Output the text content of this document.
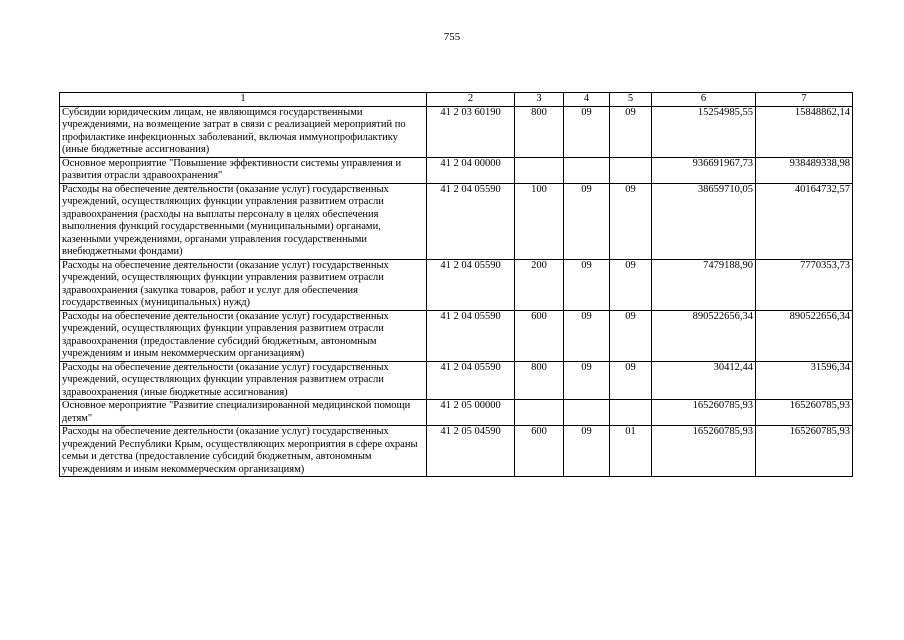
755
1	2	3	4	5	6	7
Субсидии юридическим лицам, не являющимся государственными учреждениями, на возмещение затрат в связи с реализацией мероприятий по профилактике инфекционных заболеваний, включая иммунопрофилактику (иные бюджетные ассигнования)	41 2 03 60190	800	09	09	15254985,55	15848862,14
Основное мероприятие "Повышение эффективности системы управления и развития отрасли здравоохранения"	41 2 04 00000				936691967,73	938489338,98
Расходы на обеспечение деятельности (оказание услуг) государственных учреждений, осуществляющих функции управления развитием отрасли здравоохранения (расходы на выплаты персоналу в целях обеспечения выполнения функций государственными (муниципальными) органами, казенными учреждениями, органами управления государственными внебюджетными фондами)	41 2 04 05590	100	09	09	38659710,05	40164732,57
Расходы на обеспечение деятельности (оказание услуг) государственных учреждений, осуществляющих функции управления развитием отрасли здравоохранения (закупка товаров, работ и услуг для обеспечения государственных (муниципальных) нужд)	41 2 04 05590	200	09	09	7479188,90	7770353,73
Расходы на обеспечение деятельности (оказание услуг) государственных учреждений, осуществляющих функции управления развитием отрасли здравоохранения (предоставление субсидий бюджетным, автономным учреждениям и иным некоммерческим организациям)	41 2 04 05590	600	09	09	890522656,34	890522656,34
Расходы на обеспечение деятельности (оказание услуг) государственных учреждений, осуществляющих функции управления развитием отрасли здравоохранения (иные бюджетные ассигнования)	41 2 04 05590	800	09	09	30412,44	31596,34
Основное мероприятие "Развитие специализированной медицинской помощи детям"	41 2 05 00000				165260785,93	165260785,93
Расходы на обеспечение деятельности (оказание услуг) государственных учреждений Республики Крым, осуществляющих мероприятия в сфере охраны семьи и детства (предоставление субсидий бюджетным, автономным учреждениям и иным некоммерческим организациям)	41 2 05 04590	600	09	01	165260785,93	165260785,93
